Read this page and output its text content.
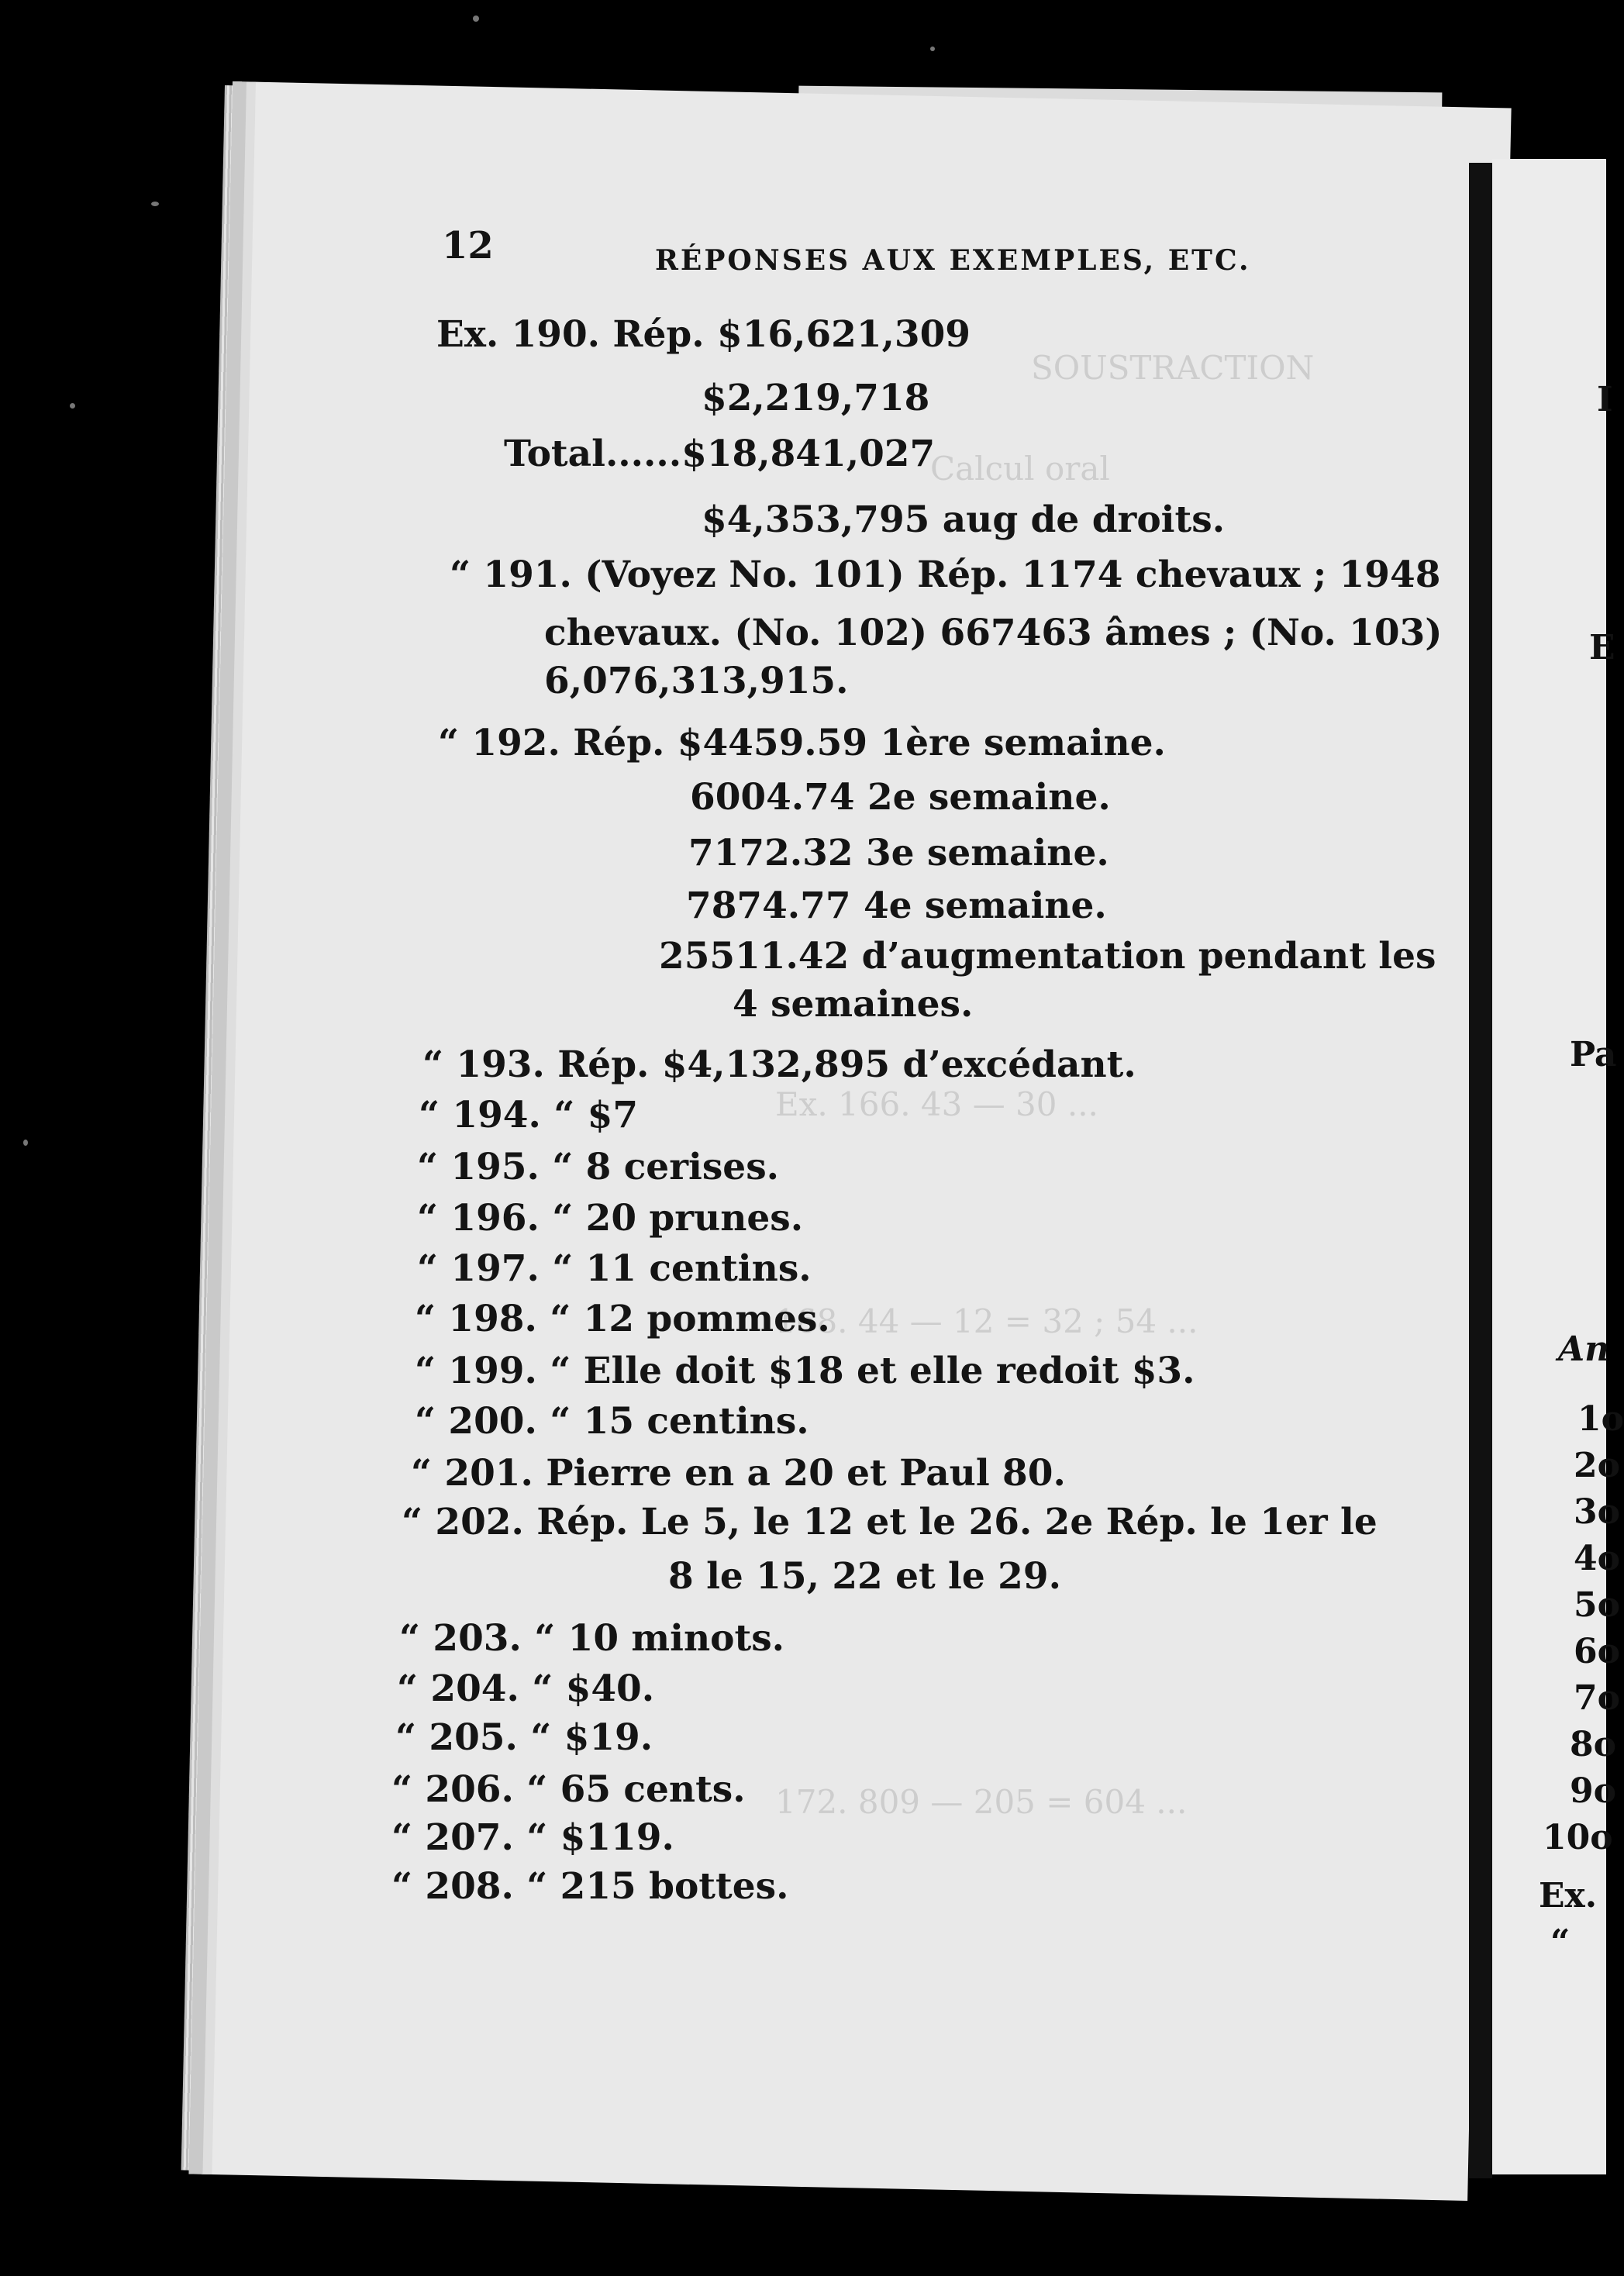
SOUSTRACTION
Calcul oral
Ex. 166. 43 — 30 ...
168. 44 — 12 = 32 ; 54 ...
172. 809 — 205 = 604 ...
I
E
Pa
An
1o
2o
3o
4o
5o
6o
7o
8o
9o
10o
Ex.
“
12	RÉPONSES AUX EXEMPLES, ETC.
Ex. 190. Rép. $16,621,309
$2,219,718
Total......$18,841,027
$4,353,795 aug de droits.
“ 191. (Voyez No. 101) Rép. 1174 chevaux ; 1948
chevaux. (No. 102) 667463 âmes ; (No. 103)
6,076,313,915.
“ 192. Rép. $4459.59 1ère semaine.
6004.74 2e semaine.
7172.32 3e semaine.
7874.77 4e semaine.
25511.42 d’augmentation pendant les
4 semaines.
“ 193. Rép. $4,132,895 d’excédant.
“ 194. “ $7
“ 195. “ 8 cerises.
“ 196. “ 20 prunes.
“ 197. “ 11 centins.
“ 198. “ 12 pommes.
“ 199. “ Elle doit $18 et elle redoit $3.
“ 200. “ 15 centins.
“ 201. Pierre en a 20 et Paul 80.
“ 202. Rép. Le 5, le 12 et le 26. 2e Rép. le 1er le
8 le 15, 22 et le 29.
“ 203. “ 10 minots.
“ 204. “ $40.
“ 205. “ $19.
“ 206. “ 65 cents.
“ 207. “ $119.
“ 208. “ 215 bottes.
